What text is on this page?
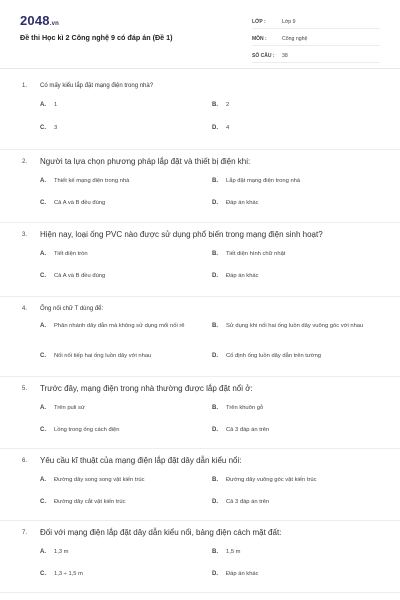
2048.vn
Đề thi Học kì 2 Công nghệ 9 có đáp án (Đề 1)
LỚP :	Lớp 9
MÔN :	Công nghệ
SỐ CÂU :	38
1. Có mấy kiểu lắp đặt mạng điện trong nhà?
A.	1	B.	2
C.	3	D.	4
2. Người ta lựa chọn phương pháp lắp đặt và thiết bị điện khi:
A.	Thiết kế mạng điện trong nhà	B.	Lắp đặt mạng điện trong nhà
C.	Cả A và B đều đúng	D.	Đáp án khác
3. Hiện nay, loại ống PVC nào được sử dụng phổ biến trong mạng điện sinh hoạt?
A.	Tiết diện tròn	B.	Tiết diện hình chữ nhật
C.	Cả A và B đều đúng	D.	Đáp án khác
4. Ống nối chữ T dùng để:
A.	Phân nhánh dây dẫn mà không sử dụng mối nối rẽ	B.	Sử dụng khi nối hai ống luồn dây vuông góc với nhau
C.	Nối nối tiếp hai ống luồn dây với nhau	D.	Cố định ống luồn dây dẫn trên tường
5. Trước đây, mạng điện trong nhà thường được lắp đặt nổi ở:
A.	Trên puli sứ	B.	Trên khuôn gỗ
C.	Lồng trong ống cách điện	D.	Cả 3 đáp án trên
6. Yêu cầu kĩ thuật của mạng điện lắp đặt dây dẫn kiểu nổi:
A.	Đường dây song song vật kiến trúc	B.	Đường dây vuông góc vật kiến trúc
C.	Đường dây cắt vật kiến trúc	D.	Cả 3 đáp án trên
7. Đối với mạng điện lắp đặt dây dẫn kiểu nổi, bảng điện cách mặt đất:
A.	1,3 m	B.	1,5 m
C.	1,3 ÷ 1,5 m	D.	Đáp án khác
